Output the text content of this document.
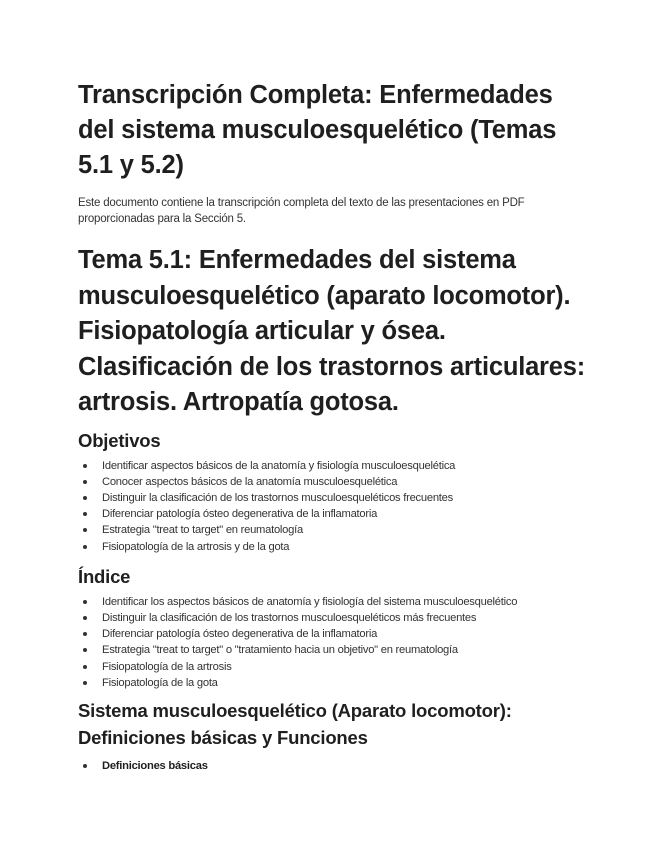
Transcripción Completa: Enfermedades del sistema musculoesquelético (Temas 5.1 y 5.2)

Este documento contiene la transcripción completa del texto de las presentaciones en PDF proporcionadas para la Sección 5.

Tema 5.1: Enfermedades del sistema musculoesquelético (aparato locomotor). Fisiopatología articular y ósea. Clasificación de los trastornos articulares: artrosis. Artropatía gotosa.
Objetivos
Identificar aspectos básicos de la anatomía y fisiología musculoesquelética
Conocer aspectos básicos de la anatomía musculoesquelética
Distinguir la clasificación de los trastornos musculoesqueléticos frecuentes
Diferenciar patología ósteo degenerativa de la inflamatoria
Estrategia "treat to target" en reumatología
Fisiopatología de la artrosis y de la gota
Índice
Identificar los aspectos básicos de anatomía y fisiología del sistema musculoesquelético
Distinguir la clasificación de los trastornos musculoesqueléticos más frecuentes
Diferenciar patología ósteo degenerativa de la inflamatoria
Estrategia "treat to target" o "tratamiento hacia un objetivo" en reumatología
Fisiopatología de la artrosis
Fisiopatología de la gota
Sistema musculoesquelético (Aparato locomotor): Definiciones básicas y Funciones
Definiciones básicas
